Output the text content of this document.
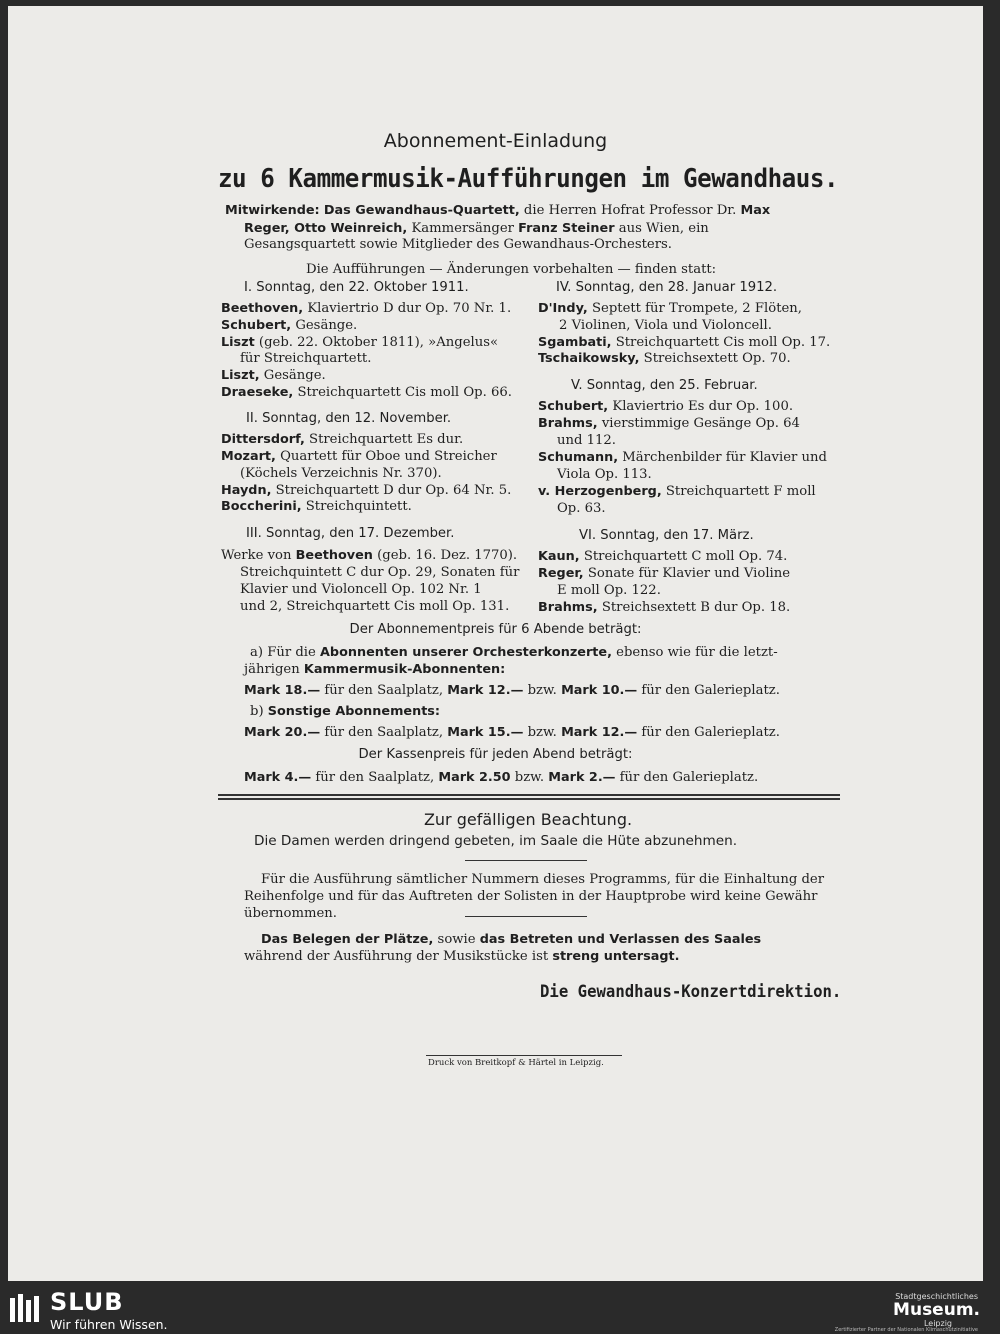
Abonnement-Einladung
zu 6 Kammermusik-Aufführungen im Gewandhaus.
Mitwirkende: Das Gewandhaus-Quartett, die Herren Hofrat Professor Dr. Max
Reger, Otto Weinreich, Kammersänger Franz Steiner aus Wien, ein
Gesangsquartett sowie Mitglieder des Gewandhaus-Orchesters.
Die Aufführungen — Änderungen vorbehalten — finden statt:
I. Sonntag, den 22. Oktober 1911.
Beethoven, Klaviertrio D dur Op. 70 Nr. 1.
Schubert, Gesänge.
Liszt (geb. 22. Oktober 1811), »Angelus«
für Streichquartett.
Liszt, Gesänge.
Draeseke, Streichquartett Cis moll Op. 66.
II. Sonntag, den 12. November.
Dittersdorf, Streichquartett Es dur.
Mozart, Quartett für Oboe und Streicher
(Köchels Verzeichnis Nr. 370).
Haydn, Streichquartett D dur Op. 64 Nr. 5.
Boccherini, Streichquintett.
III. Sonntag, den 17. Dezember.
Werke von Beethoven (geb. 16. Dez. 1770).
Streichquintett C dur Op. 29, Sonaten für
Klavier und Violoncell Op. 102 Nr. 1
und 2, Streichquartett Cis moll Op. 131.
IV. Sonntag, den 28. Januar 1912.
D'Indy, Septett für Trompete, 2 Flöten,
2 Violinen, Viola und Violoncell.
Sgambati, Streichquartett Cis moll Op. 17.
Tschaikowsky, Streichsextett Op. 70.
V. Sonntag, den 25. Februar.
Schubert, Klaviertrio Es dur Op. 100.
Brahms, vierstimmige Gesänge Op. 64
und 112.
Schumann, Märchenbilder für Klavier und
Viola Op. 113.
v. Herzogenberg, Streichquartett F moll
Op. 63.
VI. Sonntag, den 17. März.
Kaun, Streichquartett C moll Op. 74.
Reger, Sonate für Klavier und Violine
E moll Op. 122.
Brahms, Streichsextett B dur Op. 18.
Der Abonnementpreis für 6 Abende beträgt:
a) Für die Abonnenten unserer Orchesterkonzerte, ebenso wie für die letzt-
jährigen Kammermusik-Abonnenten:
Mark 18.— für den Saalplatz, Mark 12.— bzw. Mark 10.— für den Galerieplatz.
b) Sonstige Abonnements:
Mark 20.— für den Saalplatz, Mark 15.— bzw. Mark 12.— für den Galerieplatz.
Der Kassenpreis für jeden Abend beträgt:
Mark 4.— für den Saalplatz, Mark 2.50 bzw. Mark 2.— für den Galerieplatz.
Zur gefälligen Beachtung.
Die Damen werden dringend gebeten, im Saale die Hüte abzunehmen.
Für die Ausführung sämtlicher Nummern dieses Programms, für die Einhaltung der
Reihenfolge und für das Auftreten der Solisten in der Hauptprobe wird keine Gewähr
übernommen.
Das Belegen der Plätze, sowie das Betreten und Verlassen des Saales
während der Ausführung der Musikstücke ist streng untersagt.
Die Gewandhaus-Konzertdirektion.
Druck von Breitkopf & Härtel in Leipzig.
SLUB
Wir führen Wissen.
Stadtgeschichtliches
Museum.
Leipzig
Zertifizierter Partner der Nationalen Klimaschutzinitiative
